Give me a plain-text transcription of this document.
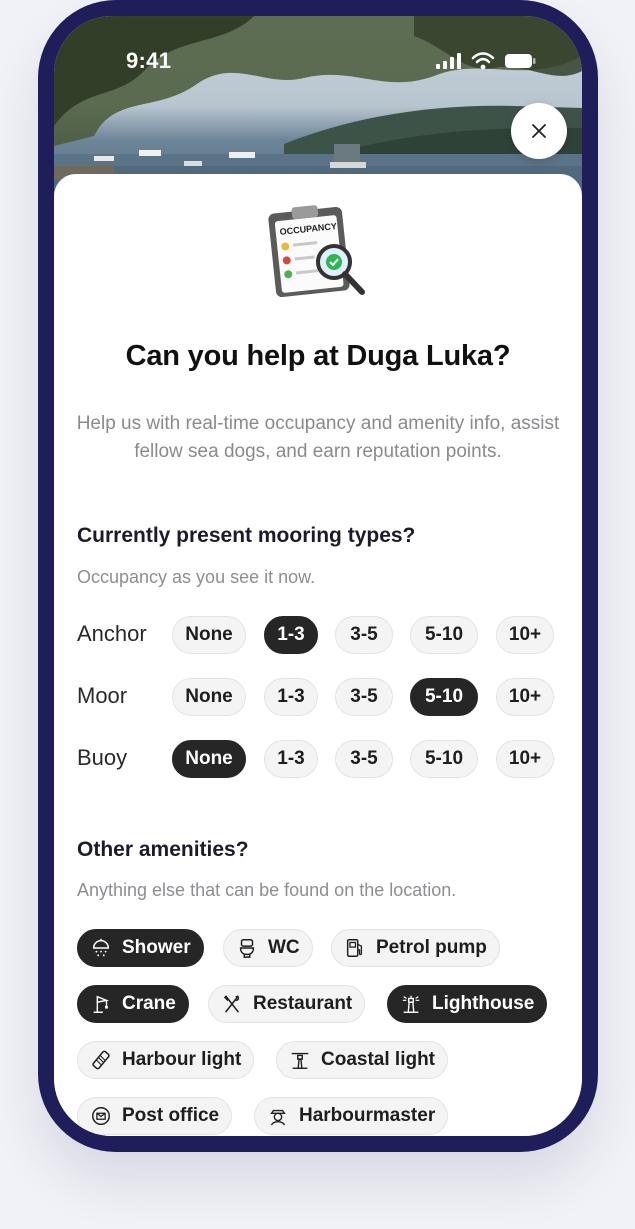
9:41
OCCUPANCY
Can you help at Duga Luka?
Help us with real-time occupancy and amenity info, assist fellow sea dogs, and earn reputation points.
Currently present mooring types?
Occupancy as you see it now.
Anchor	None	1-3	3-5	5-10	10+
Moor	None	1-3	3-5	5-10	10+
Buoy	None	1-3	3-5	5-10	10+
Other amenities?
Anything else that can be found on the location.
Shower	WC	Petrol pump
Crane	Restaurant	Lighthouse
Harbour light	Coastal light
Post office	Harbourmaster
